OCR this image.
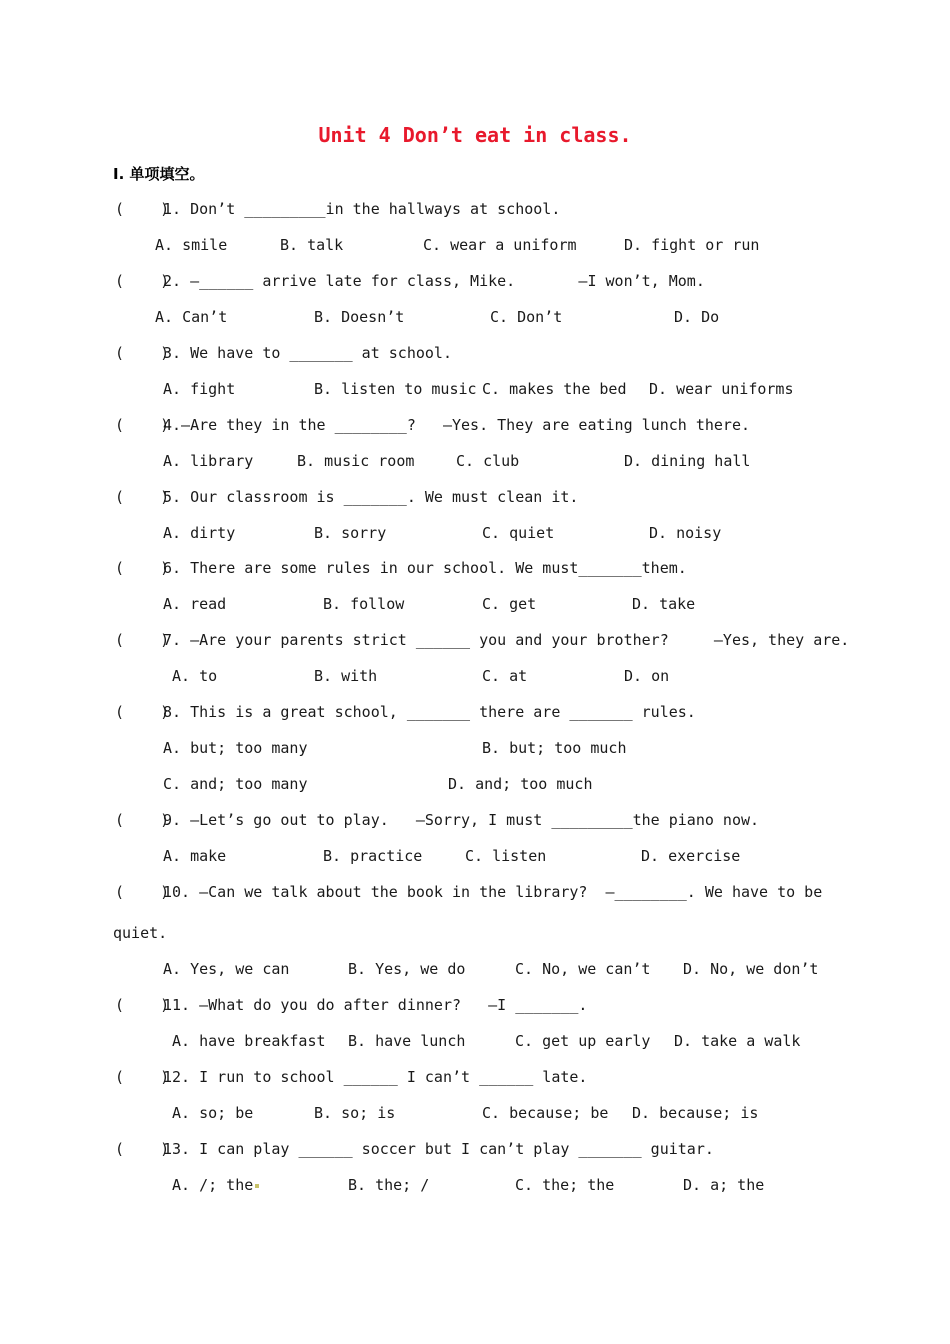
Unit 4 Don’t eat in class.
I. 单项填空。
(    )
1. Don’t _________in the hallways at school.
A. smile	B. talk	C. wear a uniform	D. fight or run
(    )
2. —______ arrive late for class, Mike.       —I won’t, Mom.
A. Can’t	B. Doesn’t	C. Don’t	D. Do
(    )
3. We have to _______ at school.
A. fight	B. listen to music C. makes the bed D. wear uniforms
(    )
4.—Are they in the ________?   —Yes. They are eating lunch there.
A. library	B. music room	C. club	D. dining hall
(    )
5. Our classroom is _______. We must clean it.
A. dirty	B. sorry	C. quiet	D. noisy
(    )
6. There are some rules in our school. We must_______them.
A. read	B. follow	C. get	D. take
(    )
7. —Are your parents strict ______ you and your brother?     —Yes, they are.
A. to	B. with	C. at	D. on
(    )
8. This is a great school, _______ there are _______ rules.
A. but; too many	B. but; too much
C. and; too many	D. and; too much
(    )
9. —Let’s go out to play.   —Sorry, I must _________the piano now.
A. make	B. practice	C. listen	D. exercise
(    )
10. —Can we talk about the book in the library?  —________. We have to be
quiet.
A. Yes, we can	B. Yes, we do	C. No, we can’t D. No, we don’t
(    )
11. —What do you do after dinner?   —I _______.
A. have breakfast B. have lunch	C. get up early D. take a walk
(    )
12. I run to school ______ I can’t ______ late.
A. so; be	B. so; is	C. because; be D. because; is
(    )
13. I can play ______ soccer but I can’t play _______ guitar.
A. /; the	B. the; /	C. the; the	D. a; the
